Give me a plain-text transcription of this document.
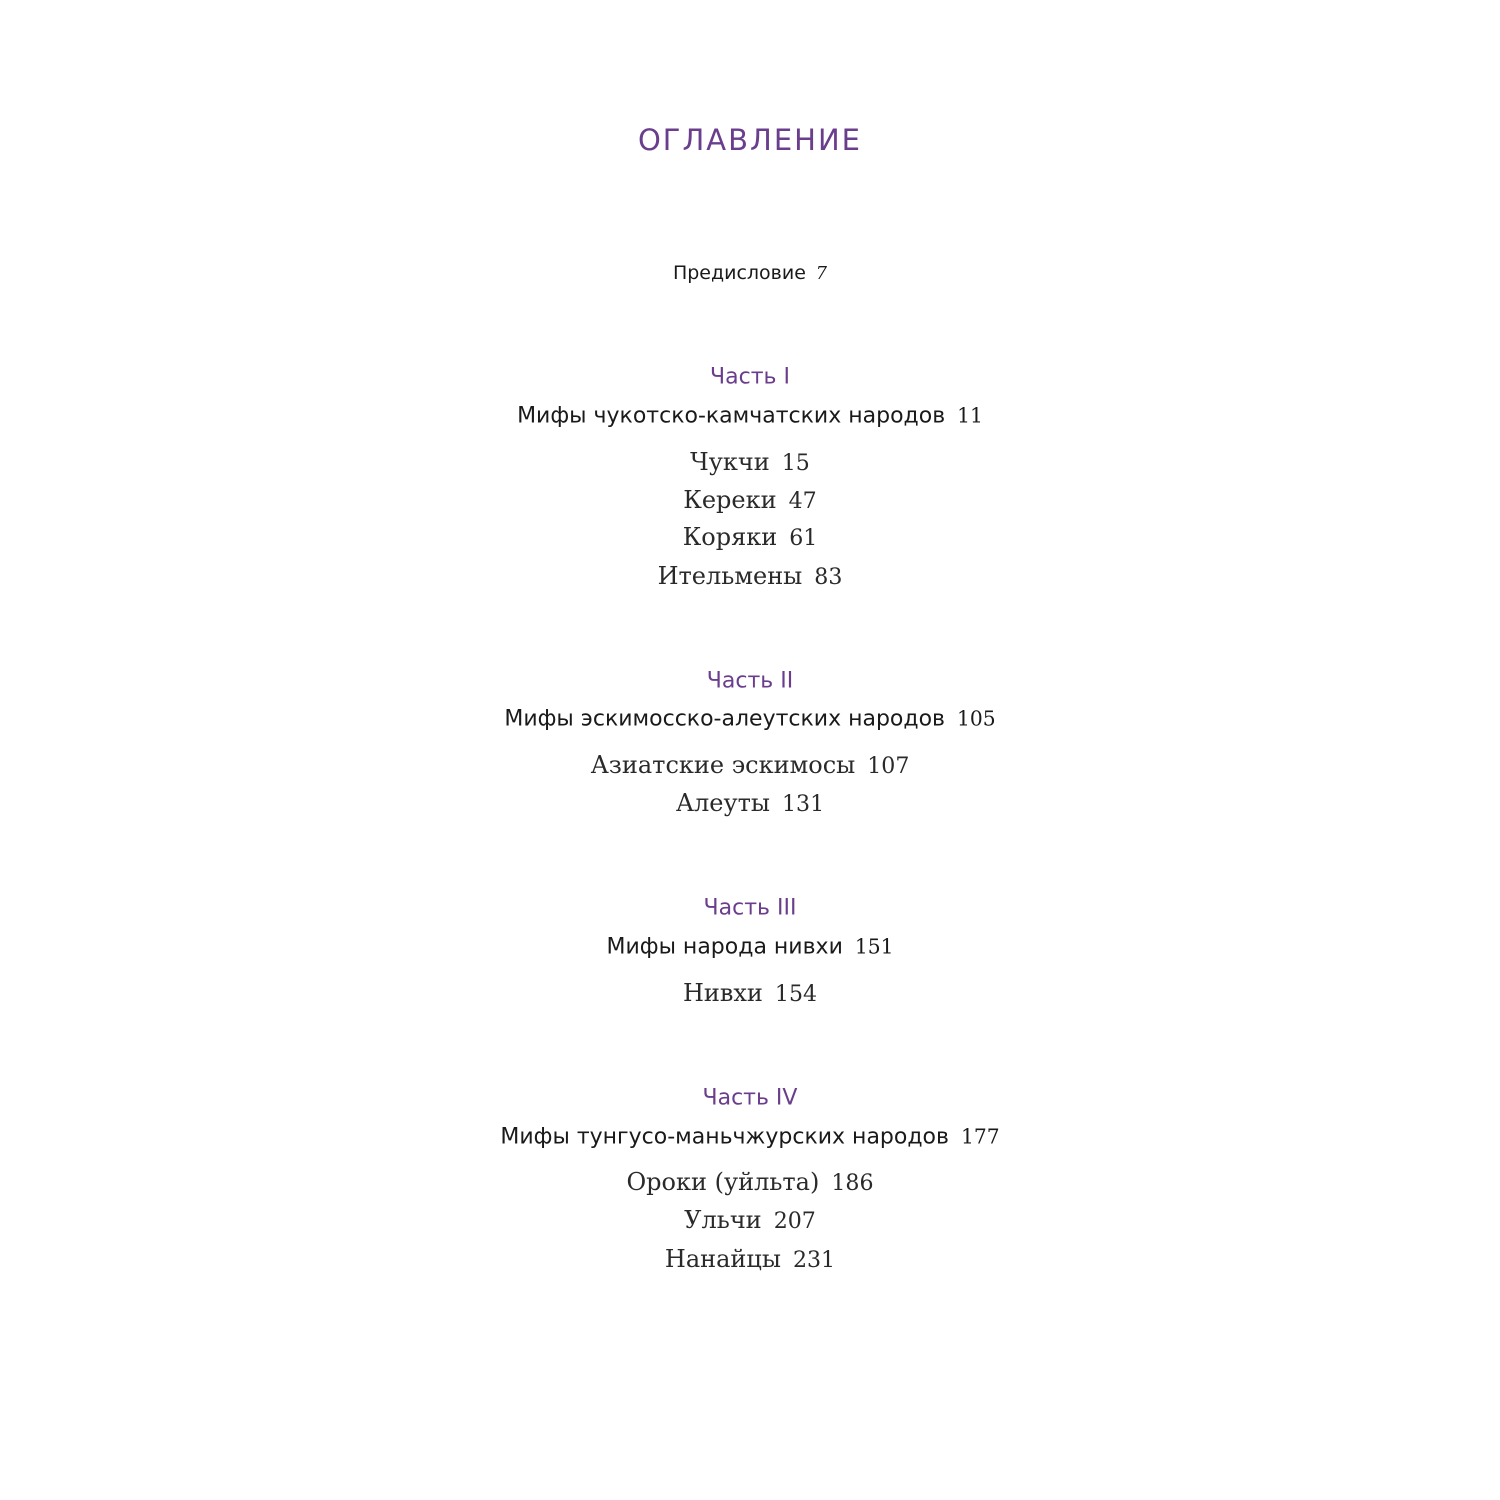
ОГЛАВЛЕНИЕ
Предисловие 7
Часть I
Мифы чукотско-камчатских народов 11
Чукчи 15
Кереки 47
Коряки 61
Ительмены 83
Часть II
Мифы эскимосско-алеутских народов 105
Азиатские эскимосы 107
Алеуты 131
Часть III
Мифы народа нивхи 151
Нивхи 154
Часть IV
Мифы тунгусо-маньчжурских народов 177
Ороки (уйльта) 186
Ульчи 207
Нанайцы 231
